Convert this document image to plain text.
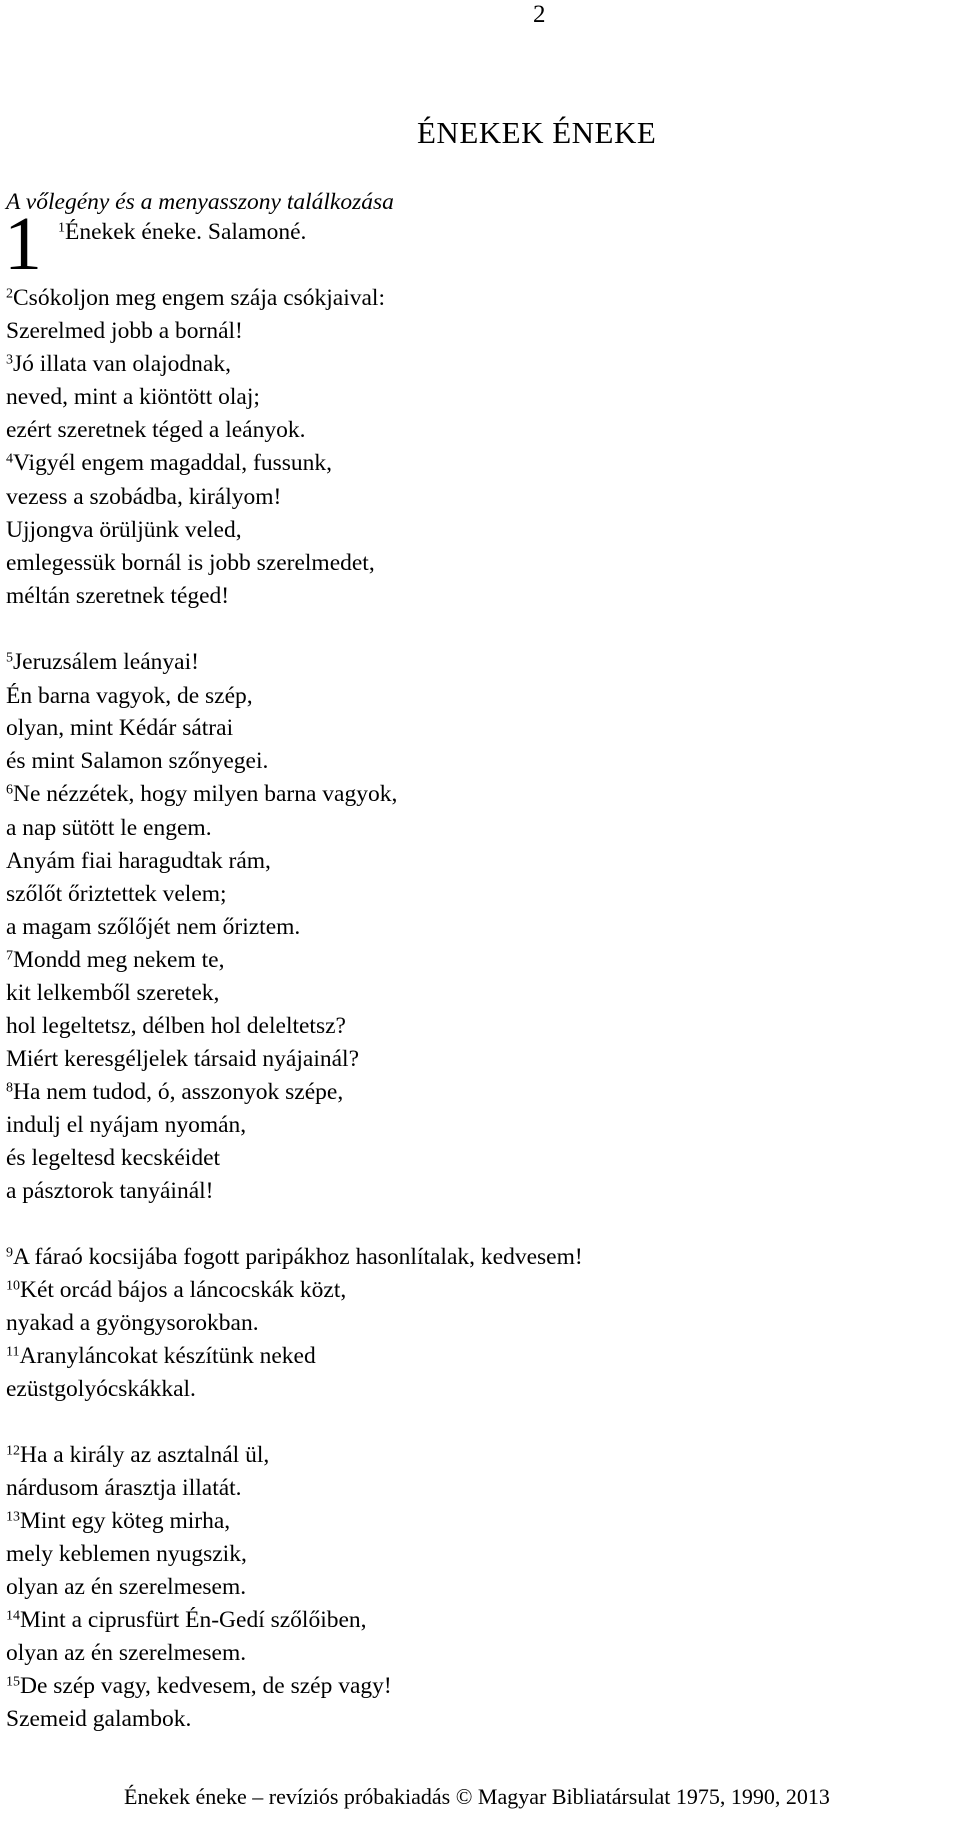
2
ÉNEKEK ÉNEKE
A vőlegény és a menyasszony találkozása
1 $^1$Énekek éneke. Salamoné.
$^2$Csókoljon meg engem szája csókjaival:
Szerelmed jobb a bornál!
$^3$Jó illata van olajodnak,
neved, mint a kiöntött olaj;
ezért szeretnek téged a leányok.
$^4$Vigyél engem magaddal, fussunk,
vezess a szobádba, királyom!
Ujjongva örüljünk veled,
emlegessük bornál is jobb szerelmedet,
méltán szeretnek téged!
$^5$Jeruzsálem leányai!
Én barna vagyok, de szép,
olyan, mint Kédár sátrai
és mint Salamon szőnyegei.
$^6$Ne nézzétek, hogy milyen barna vagyok,
a nap sütött le engem.
Anyám fiai haragudtak rám,
szőlőt őriztettek velem;
a magam szőlőjét nem őriztem.
$^7$Mondd meg nekem te,
kit lelkemből szeretek,
hol legeltetsz, délben hol deleltetsz?
Miért keresgéljelek társaid nyájainál?
$^8$Ha nem tudod, ó, asszonyok szépe,
indulj el nyájam nyomán,
és legeltesd kecskéidet
a pásztorok tanyáinál!
$^9$A fáraó kocsijába fogott paripákhoz hasonlítalak, kedvesem!
$^{10}$Két orcád bájos a láncocskák közt,
nyakad a gyöngysorokban.
$^{11}$Aranyláncokat készítünk neked
ezüstgolyócskákkal.
$^{12}$Ha a király az asztalnál ül,
nárdusom árasztja illatát.
$^{13}$Mint egy köteg mirha,
mely keblemen nyugszik,
olyan az én szerelmesem.
$^{14}$Mint a ciprusfürt Én-Gedí szőlőiben,
olyan az én szerelmesem.
$^{15}$De szép vagy, kedvesem, de szép vagy!
Szemeid galambok.
Énekek éneke – revíziós próbakiadás © Magyar Bibliatársulat 1975, 1990, 2013
